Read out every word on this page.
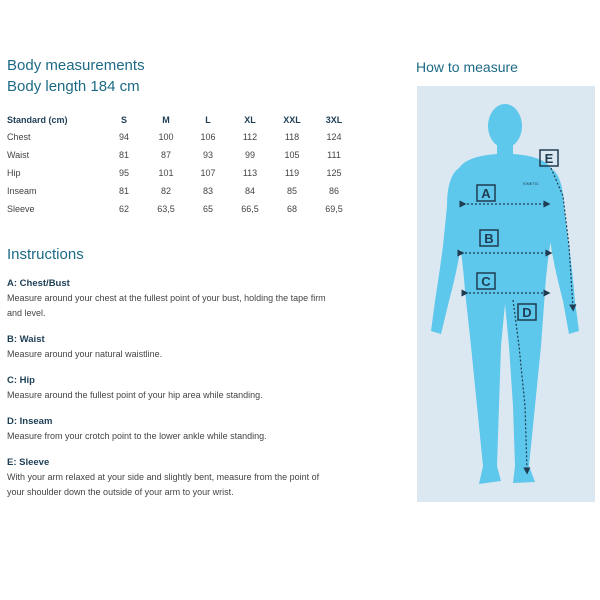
Body measurements
Body length 184 cm
Standard (cm)	S	M	L	XL	XXL	3XL
Chest	94	100	106	112	118	124
Waist	81	87	93	99	105	111
Hip	95	101	107	113	119	125
Inseam	81	82	83	84	85	86
Sleeve	62	63,5	65	66,5	68	69,5
Instructions
A: Chest/Bust

Measure around your chest at the fullest point of your bust, holding the tape firm and level.

B: Waist

Measure around your natural waistline.

C: Hip

Measure around the fullest point of your hip area while standing.

D: Inseam

Measure from your crotch point to the lower ankle while standing.

E: Sleeve

With your arm relaxed at your side and slightly bent, measure from the point of your shoulder down the outside of your arm to your wrist.

How to measure
KINETIC
A
B
C
D
E
